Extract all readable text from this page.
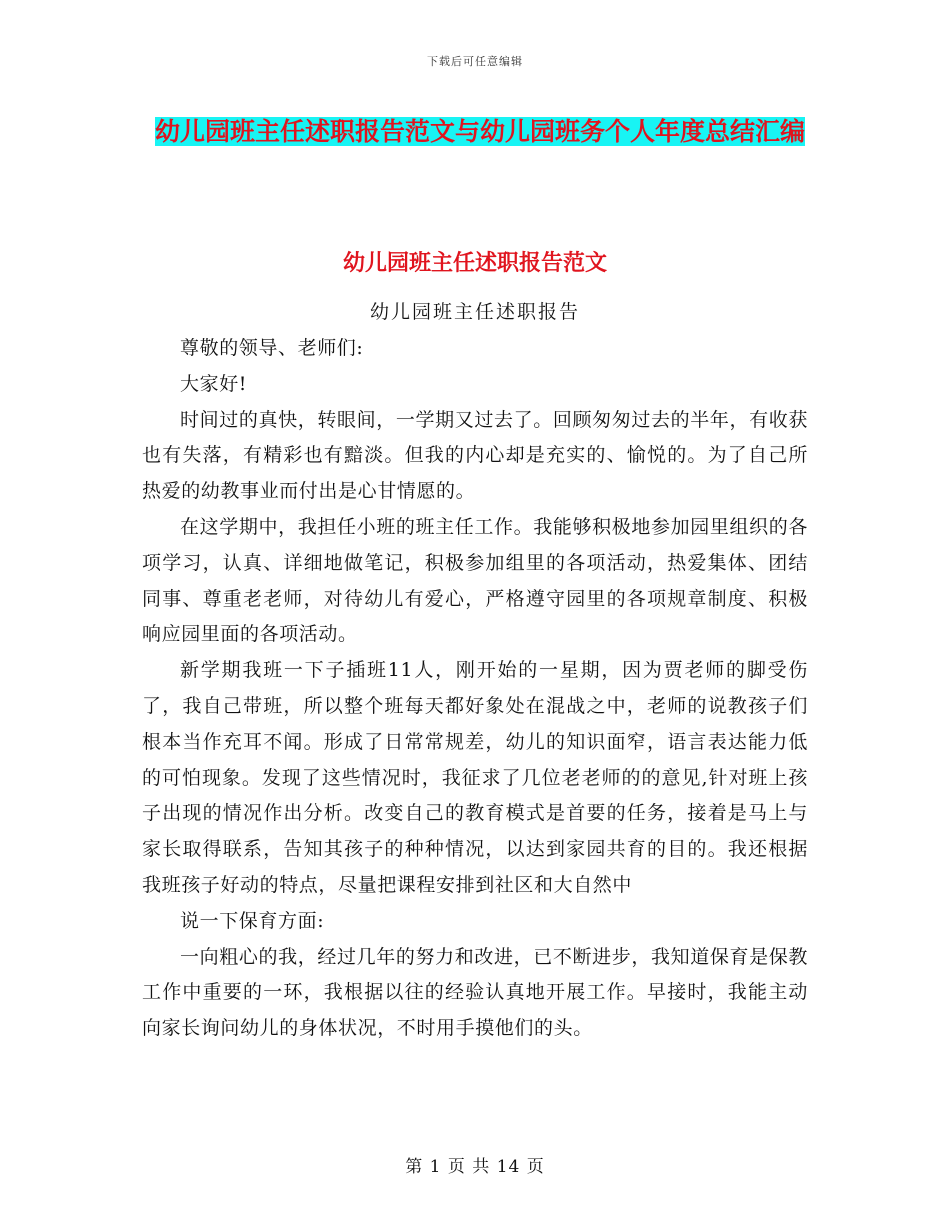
下载后可任意编辑
幼儿园班主任述职报告范文与幼儿园班务个人年度总结汇编
幼儿园班主任述职报告范文
幼儿园班主任述职报告

尊敬的领导、老师们:

大家好!

时间过的真快，转眼间，一学期又过去了。回顾匆匆过去的半年，有收获也有失落，有精彩也有黯淡。但我的内心却是充实的、愉悦的。为了自己所热爱的幼教事业而付出是心甘情愿的。

在这学期中，我担任小班的班主任工作。我能够积极地参加园里组织的各项学习，认真、详细地做笔记，积极参加组里的各项活动，热爱集体、团结同事、尊重老老师，对待幼儿有爱心，严格遵守园里的各项规章制度、积极响应园里面的各项活动。

新学期我班一下子插班11人，刚开始的一星期，因为贾老师的脚受伤了，我自己带班，所以整个班每天都好象处在混战之中，老师的说教孩子们根本当作充耳不闻。形成了日常常规差，幼儿的知识面窄，语言表达能力低的可怕现象。发现了这些情况时，我征求了几位老老师的的意见,针对班上孩子出现的情况作出分析。改变自己的教育模式是首要的任务，接着是马上与家长取得联系，告知其孩子的种种情况，以达到家园共育的目的。我还根据我班孩子好动的特点，尽量把课程安排到社区和大自然中

说一下保育方面:

一向粗心的我，经过几年的努力和改进，已不断进步，我知道保育是保教工作中重要的一环，我根据以往的经验认真地开展工作。早接时，我能主动向家长询问幼儿的身体状况，不时用手摸他们的头。

第 1 页 共 14 页
